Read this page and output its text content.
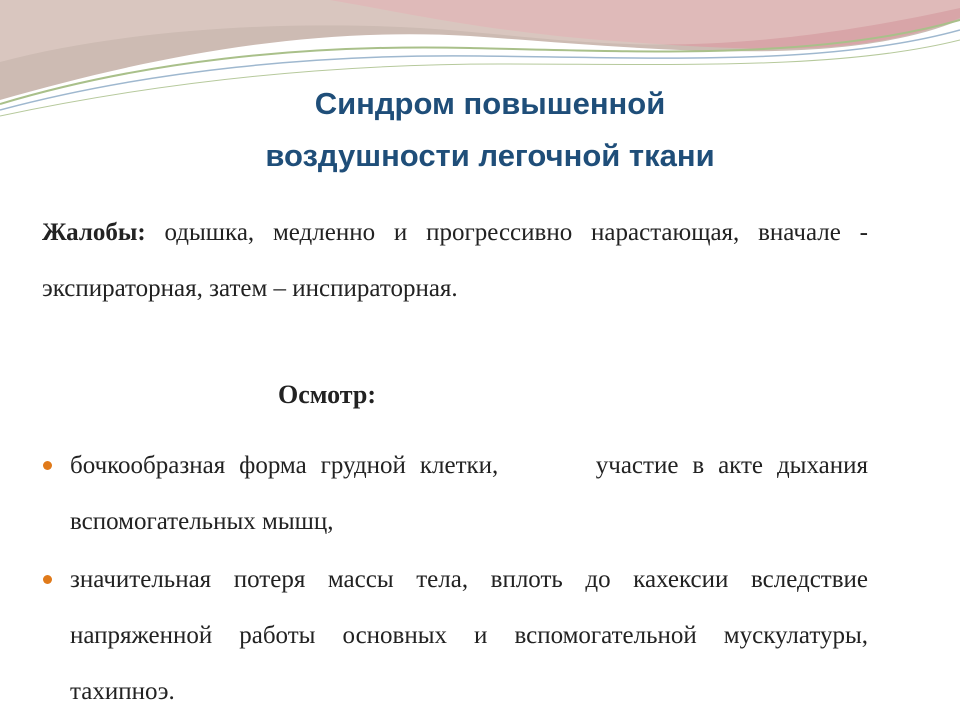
Синдром повышенной
воздушности легочной ткани
Жалобы: одышка, медленно и прогрессивно нарастающая, вначале - экспираторная, затем – инспираторная.
Осмотр:
бочкообразная форма грудной клетки,       участие в акте дыхания  вспомогательных мышц,
значительная потеря массы тела, вплоть до кахексии вследствие напряженной работы основных и вспомогательной мускулатуры, тахипноэ.
